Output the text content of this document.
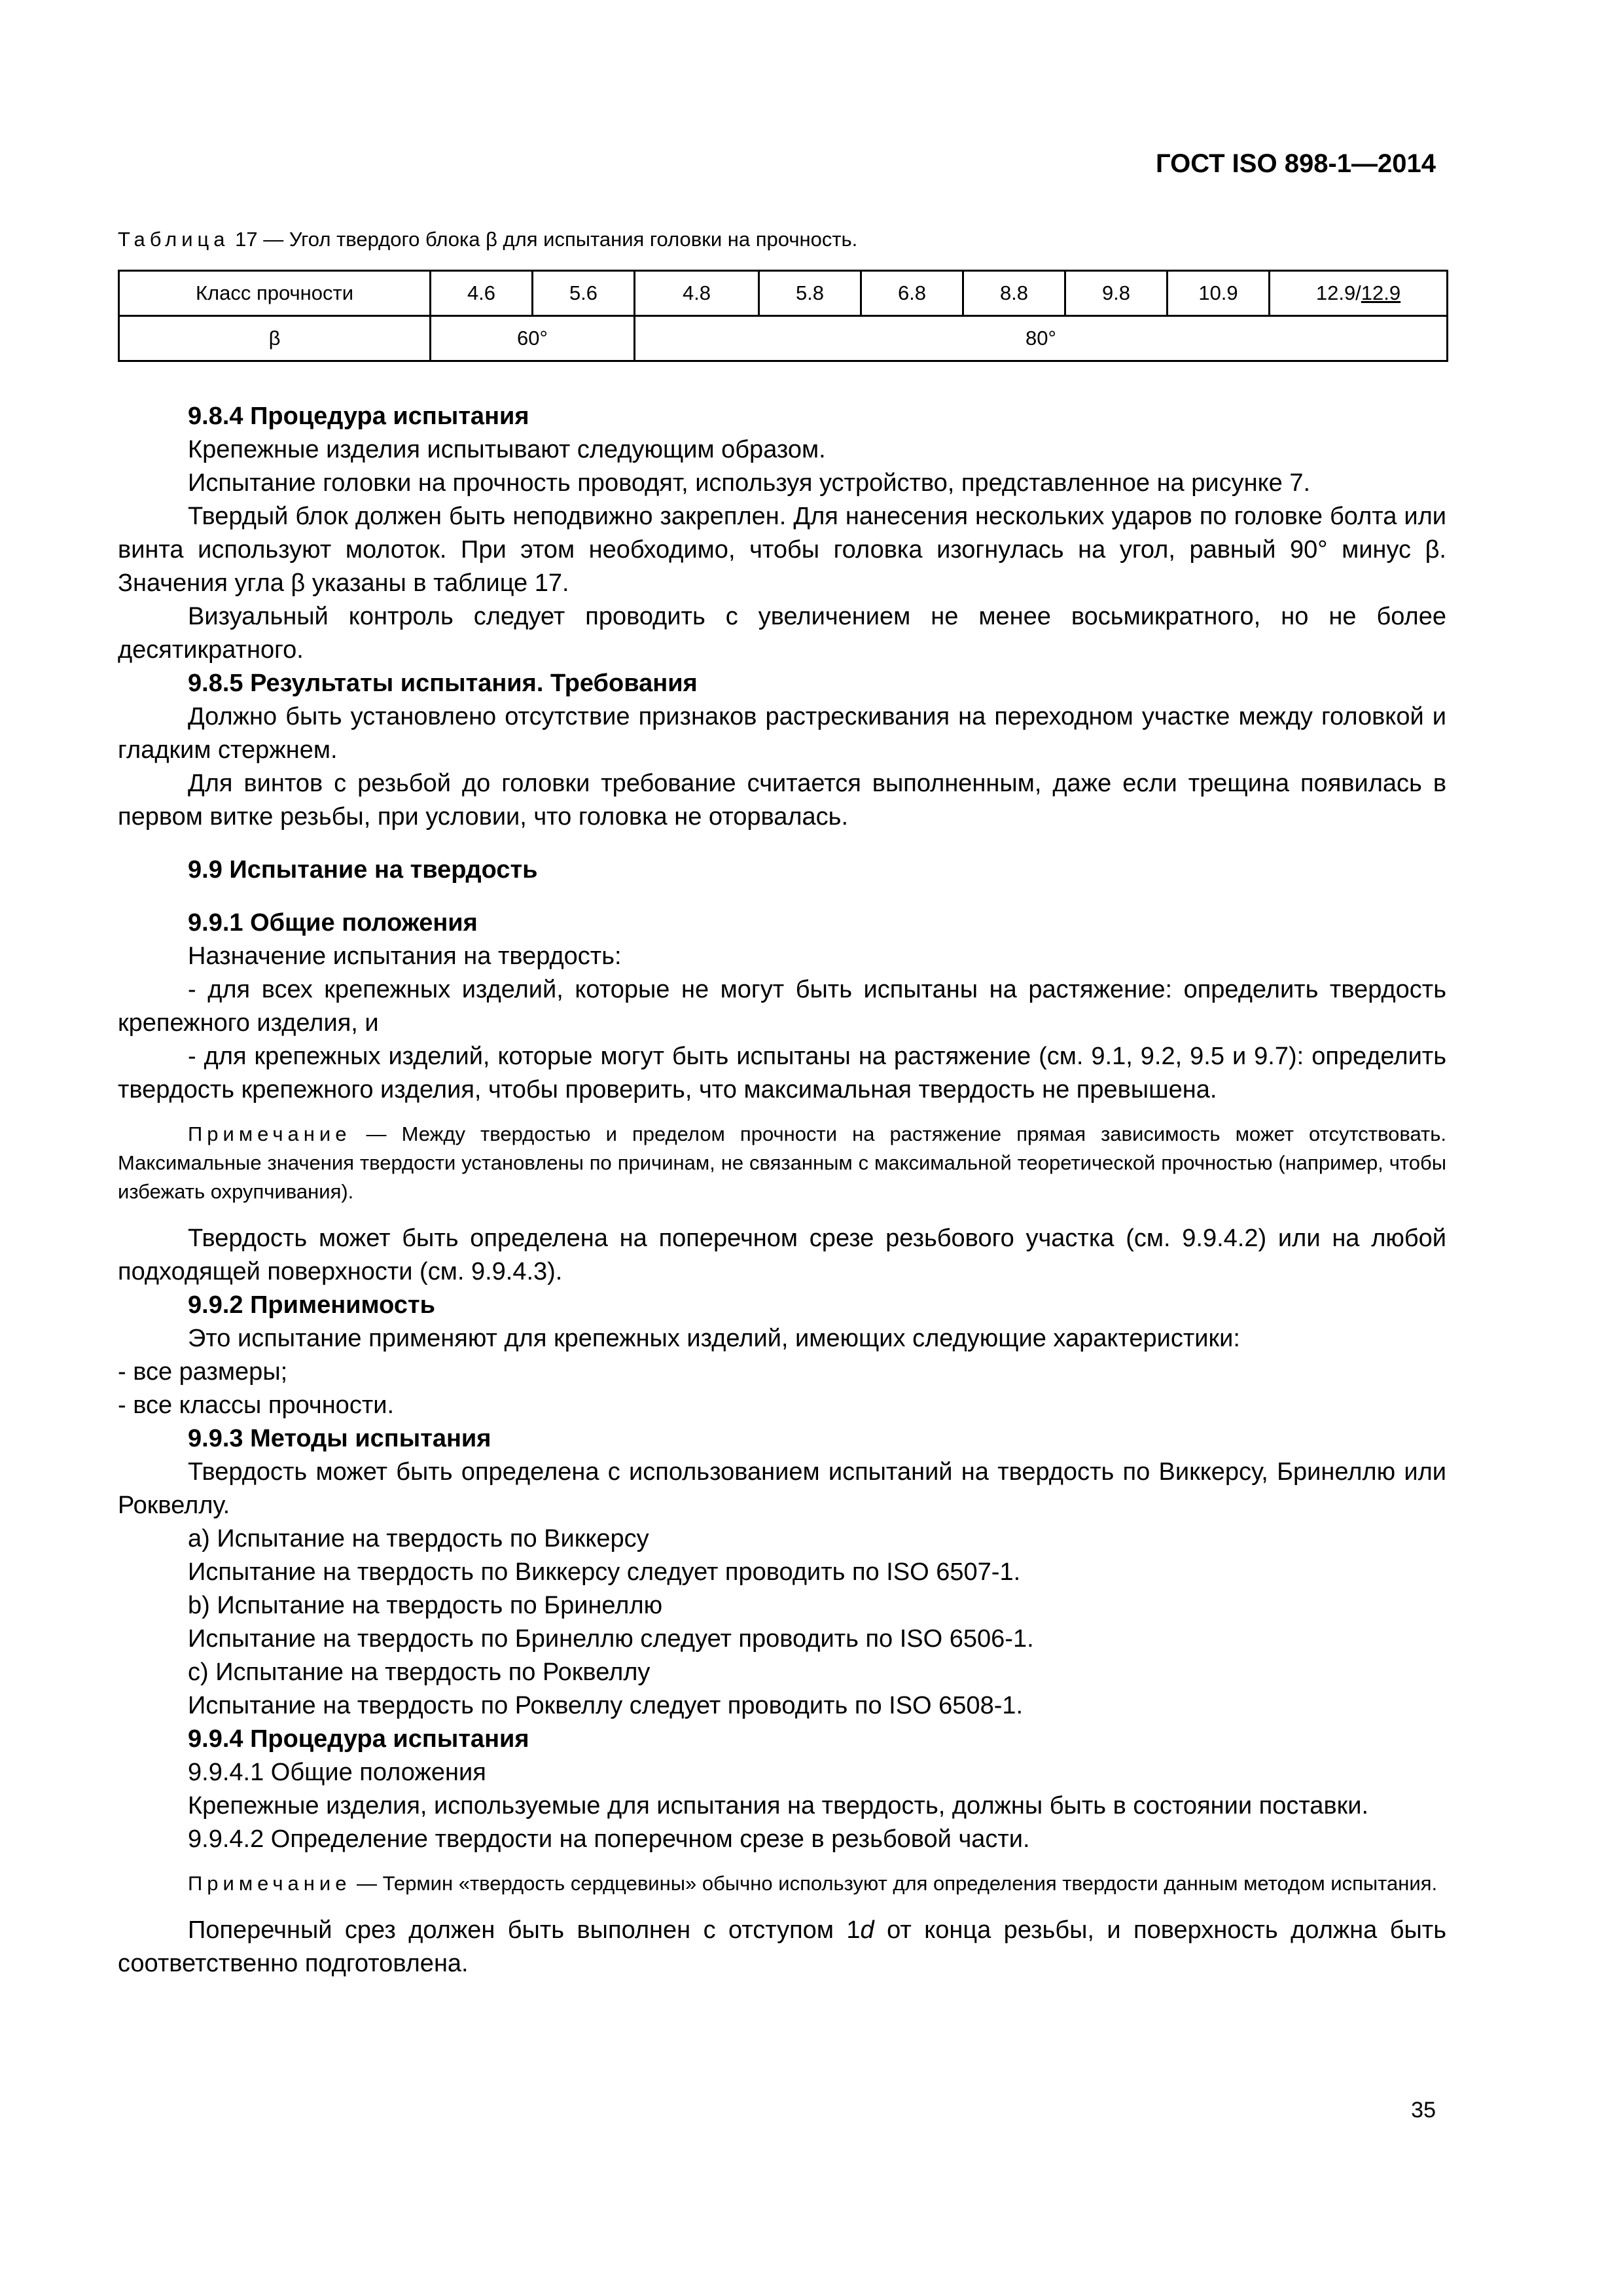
ГОСТ ISO 898-1—2014
Таблица 17 — Угол твердого блока β для испытания головки на прочность.
Класс прочности	4.6	5.6	4.8	5.8	6.8	8.8	9.8	10.9	12.9/12.9
β	60°		80°						
9.8.4 Процедура испытания

Крепежные изделия испытывают следующим образом.

Испытание головки на прочность проводят, используя устройство, представленное на рисунке 7.

Твердый блок должен быть неподвижно закреплен. Для нанесения нескольких ударов по головке болта или винта используют молоток. При этом необходимо, чтобы головка изогнулась на угол, равный 90° минус β. Значения угла β указаны в таблице 17.

Визуальный контроль следует проводить с увеличением не менее восьмикратного, но не более десятикратного.

9.8.5 Результаты испытания. Требования

Должно быть установлено отсутствие признаков растрескивания на переходном участке между головкой и гладким стержнем.

Для винтов с резьбой до головки требование считается выполненным, даже если трещина появилась в первом витке резьбы, при условии, что головка не оторвалась.

9.9 Испытание на твердость
9.9.1 Общие положения

Назначение испытания на твердость:

- для всех крепежных изделий, которые не могут быть испытаны на растяжение: определить твердость крепежного изделия, и

- для крепежных изделий, которые могут быть испытаны на растяжение (см. 9.1, 9.2, 9.5 и 9.7): определить твердость крепежного изделия, чтобы проверить, что максимальная твердость не превышена.

Примечание — Между твердостью и пределом прочности на растяжение прямая зависимость может отсутствовать. Максимальные значения твердости установлены по причинам, не связанным с максимальной теоретической прочностью (например, чтобы избежать охрупчивания).

Твердость может быть определена на поперечном срезе резьбового участка (см. 9.9.4.2) или на любой подходящей поверхности (см. 9.9.4.3).

9.9.2 Применимость

Это испытание применяют для крепежных изделий, имеющих следующие характеристики:

- все размеры;

- все классы прочности.

9.9.3 Методы испытания

Твердость может быть определена с использованием испытаний на твердость по Виккерсу, Бринеллю или Роквеллу.

a) Испытание на твердость по Виккерсу

Испытание на твердость по Виккерсу следует проводить по ISO 6507-1.

b) Испытание на твердость по Бринеллю

Испытание на твердость по Бринеллю следует проводить по ISO 6506-1.

c) Испытание на твердость по Роквеллу

Испытание на твердость по Роквеллу следует проводить по ISO 6508-1.

9.9.4 Процедура испытания

9.9.4.1 Общие положения

Крепежные изделия, используемые для испытания на твердость, должны быть в состоянии поставки.

9.9.4.2 Определение твердости на поперечном срезе в резьбовой части.

Примечание — Термин «твердость сердцевины» обычно используют для определения твердости данным методом испытания.

Поперечный срез должен быть выполнен с отступом 1d от конца резьбы, и поверхность должна быть соответственно подготовлена.

35
